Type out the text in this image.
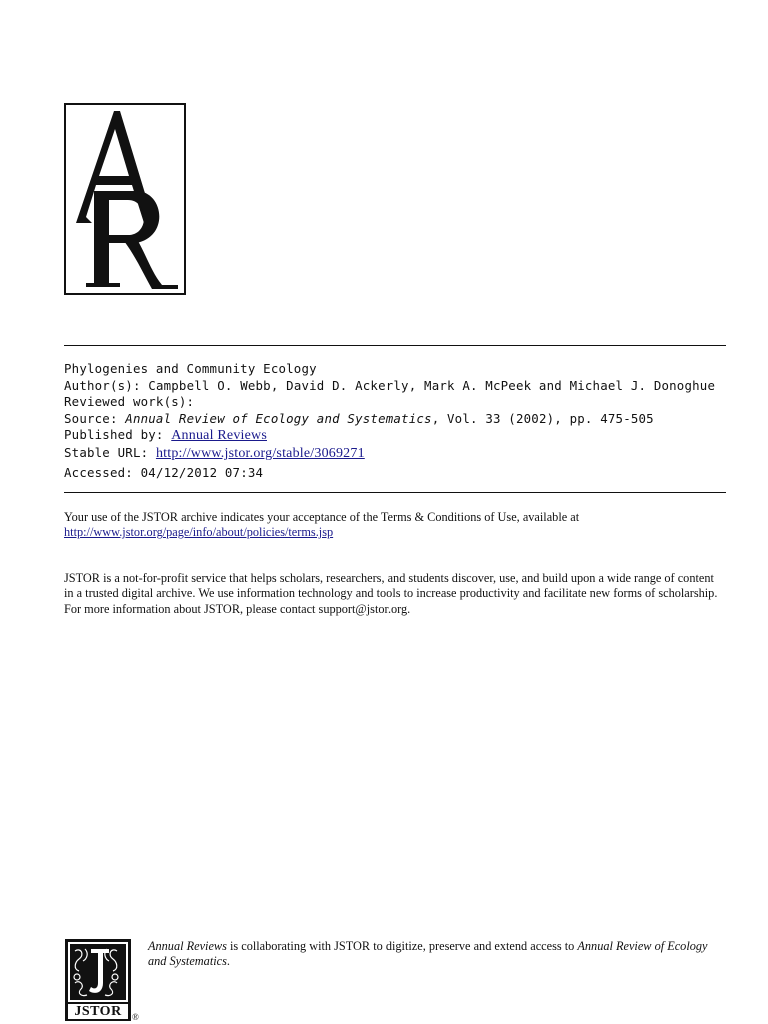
Phylogenies and Community Ecology
Author(s): Campbell O. Webb, David D. Ackerly, Mark A. McPeek and Michael J. Donoghue
Reviewed work(s):
Source: Annual Review of Ecology and Systematics, Vol. 33 (2002), pp. 475-505
Published by: Annual Reviews
Stable URL: http://www.jstor.org/stable/3069271
Accessed: 04/12/2012 07:34
Your use of the JSTOR archive indicates your acceptance of the Terms & Conditions of Use, available at
http://www.jstor.org/page/info/about/policies/terms.jsp
JSTOR is a not-for-profit service that helps scholars, researchers, and students discover, use, and build upon a wide range of content in a trusted digital archive. We use information technology and tools to increase productivity and facilitate new forms of scholarship. For more information about JSTOR, please contact support@jstor.org.
JSTOR	®
Annual Reviews is collaborating with JSTOR to digitize, preserve and extend access to Annual Review of Ecology and Systematics.
